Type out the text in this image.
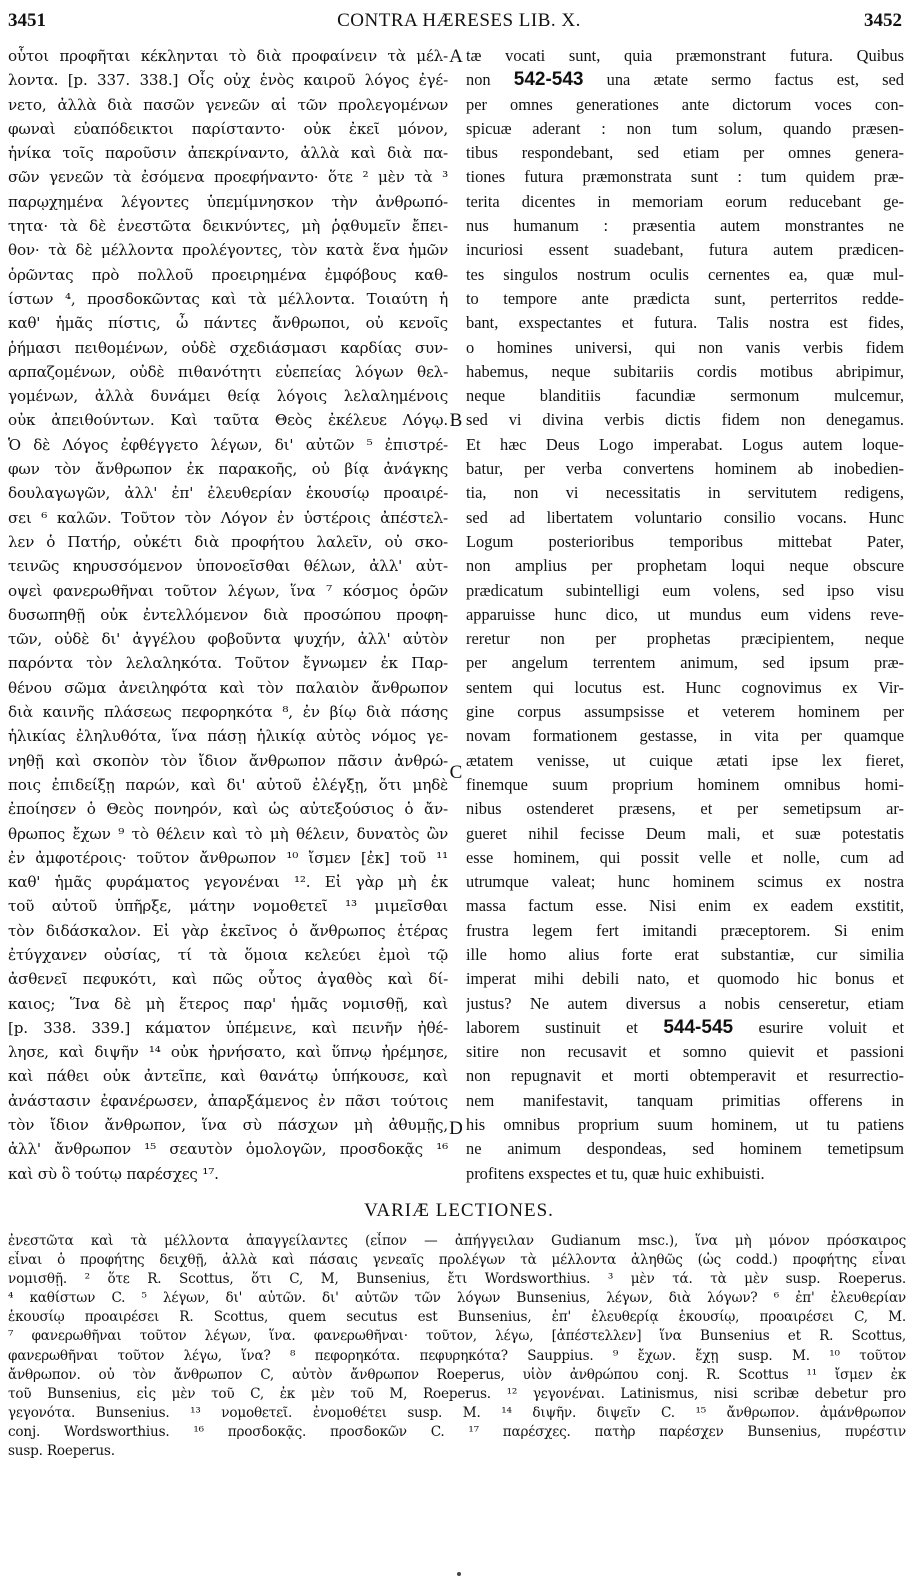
3451	CONTRA HÆRESES LIB. X.	3452
οὗτοι προφῆται κέκληνται τὸ διὰ προφαίνειν τὰ μέλ-
λοντα. [p. 337. 338.] Οἷς οὐχ ἑνὸς καιροῦ λόγος ἐγέ-
νετο, ἀλλὰ διὰ πασῶν γενεῶν αἱ τῶν προλεγομένων
φωναὶ εὐαπόδεικτοι παρίσταντο· οὐκ ἐκεῖ μόνον,
ἡνίκα τοῖς παροῦσιν ἀπεκρίναντο, ἀλλὰ καὶ διὰ πα-
σῶν γενεῶν τὰ ἐσόμενα προεφήναντο· ὅτε ² μὲν τὰ ³
παρῳχημένα λέγοντες ὑπεμίμνησκον τὴν ἀνθρωπό-
τητα· τὰ δὲ ἐνεστῶτα δεικνύντες, μὴ ῥᾳθυμεῖν ἔπει-
θον· τὰ δὲ μέλλοντα προλέγοντες, τὸν κατὰ ἕνα ἡμῶν
ὁρῶντας πρὸ πολλοῦ προειρημένα ἐμφόβους καθ-
ίστων ⁴, προσδοκῶντας καὶ τὰ μέλλοντα. Τοιαύτη ἡ
καθ' ἡμᾶς πίστις, ὦ πάντες ἄνθρωποι, οὐ κενοῖς
ῥήμασι πειθομένων, οὐδὲ σχεδιάσμασι καρδίας συν-
αρπαζομένων, οὐδὲ πιθανότητι εὐεπείας λόγων θελ-
γομένων, ἀλλὰ δυνάμει θείᾳ λόγοις λελαλημένοις
οὐκ ἀπειθούντων. Καὶ ταῦτα Θεὸς ἐκέλευε Λόγῳ.
Ὁ δὲ Λόγος ἐφθέγγετο λέγων, δι' αὐτῶν ⁵ ἐπιστρέ-
φων τὸν ἄνθρωπον ἐκ παρακοῆς, οὐ βίᾳ ἀνάγκης
δουλαγωγῶν, ἀλλ' ἐπ' ἐλευθερίαν ἑκουσίῳ προαιρέ-
σει ⁶ καλῶν. Τοῦτον τὸν Λόγον ἐν ὑστέροις ἀπέστελ-
λεν ὁ Πατήρ, οὐκέτι διὰ προφήτου λαλεῖν, οὐ σκο-
τεινῶς κηρυσσόμενον ὑπονοεῖσθαι θέλων, ἀλλ' αὐτ-
οψεὶ φανερωθῆναι τοῦτον λέγων, ἵνα ⁷ κόσμος ὁρῶν
δυσωπηθῇ οὐκ ἐντελλόμενον διὰ προσώπου προφη-
τῶν, οὐδὲ δι' ἀγγέλου φοβοῦντα ψυχήν, ἀλλ' αὐτὸν
παρόντα τὸν λελαληκότα. Τοῦτον ἔγνωμεν ἐκ Παρ-
θένου σῶμα ἀνειληφότα καὶ τὸν παλαιὸν ἄνθρωπον
διὰ καινῆς πλάσεως πεφορηκότα ⁸, ἐν βίῳ διὰ πάσης
ἡλικίας ἐληλυθότα, ἵνα πάσῃ ἡλικίᾳ αὐτὸς νόμος γε-
νηθῇ καὶ σκοπὸν τὸν ἴδιον ἄνθρωπον πᾶσιν ἀνθρώ-
ποις ἐπιδείξῃ παρών, καὶ δι' αὐτοῦ ἐλέγξῃ, ὅτι μηδὲ
ἐποίησεν ὁ Θεὸς πονηρόν, καὶ ὡς αὐτεξούσιος ὁ ἄν-
θρωπος ἔχων ⁹ τὸ θέλειν καὶ τὸ μὴ θέλειν, δυνατὸς ὢν
ἐν ἀμφοτέροις· τοῦτον ἄνθρωπον ¹⁰ ἴσμεν [ἐκ] τοῦ ¹¹
καθ' ἡμᾶς φυράματος γεγονέναι ¹². Εἰ γὰρ μὴ ἐκ
τοῦ αὐτοῦ ὑπῆρξε, μάτην νομοθετεῖ ¹³ μιμεῖσθαι
τὸν διδάσκαλον. Εἰ γὰρ ἐκεῖνος ὁ ἄνθρωπος ἑτέρας
ἐτύγχανεν οὐσίας, τί τὰ ὅμοια κελεύει ἐμοὶ τῷ
ἀσθενεῖ πεφυκότι, καὶ πῶς οὗτος ἀγαθὸς καὶ δί-
καιος; Ἵνα δὲ μὴ ἕτερος παρ' ἡμᾶς νομισθῇ, καὶ
[p. 338. 339.] κάματον ὑπέμεινε, καὶ πεινῆν ἠθέ-
λησε, καὶ διψῆν ¹⁴ οὐκ ἠρνήσατο, καὶ ὕπνῳ ἠρέμησε,
καὶ πάθει οὐκ ἀντεῖπε, καὶ θανάτῳ ὑπήκουσε, καὶ
ἀνάστασιν ἐφανέρωσεν, ἀπαρξάμενος ἐν πᾶσι τούτοις
τὸν ἴδιον ἄνθρωπον, ἵνα σὺ πάσχων μὴ ἀθυμῇς,
ἀλλ' ἄνθρωπον ¹⁵ σεαυτὸν ὁμολογῶν, προσδοκᾷς ¹⁶
καὶ σὺ ὃ τούτῳ παρέσχες ¹⁷.
tæ vocati sunt, quia præmonstrant futura. Quibus
non 542-543 una ætate sermo factus est, sed
per omnes generationes ante dictorum voces con-
spicuæ aderant : non tum solum, quando præsen-
tibus respondebant, sed etiam per omnes genera-
tiones futura præmonstrata sunt : tum quidem præ-
terita dicentes in memoriam eorum reducebant ge-
nus humanum : præsentia autem monstrantes ne
incuriosi essent suadebant, futura autem prædicen-
tes singulos nostrum oculis cernentes ea, quæ mul-
to tempore ante prædicta sunt, perterritos redde-
bant, exspectantes et futura. Talis nostra est fides,
o homines universi, qui non vanis verbis fidem
habemus, neque subitariis cordis motibus abripimur,
neque blanditiis facundiæ sermonum mulcemur,
sed vi divina verbis dictis fidem non denegamus.
Et hæc Deus Logo imperabat. Logus autem loque-
batur, per verba convertens hominem ab inobedien-
tia, non vi necessitatis in servitutem redigens,
sed ad libertatem voluntario consilio vocans. Hunc
Logum posterioribus temporibus mittebat Pater,
non amplius per prophetam loqui neque obscure
prædicatum subintelligi eum volens, sed ipso visu
apparuisse hunc dico, ut mundus eum videns reve-
reretur non per prophetas præcipientem, neque
per angelum terrentem animum, sed ipsum præ-
sentem qui locutus est. Hunc cognovimus ex Vir-
gine corpus assumpsisse et veterem hominem per
novam formationem gestasse, in vita per quamque
ætatem venisse, ut cuique ætati ipse lex fieret,
finemque suum proprium hominem omnibus homi-
nibus ostenderet præsens, et per semetipsum ar-
gueret nihil fecisse Deum mali, et suæ potestatis
esse hominem, qui possit velle et nolle, cum ad
utrumque valeat; hunc hominem scimus ex nostra
massa factum esse. Nisi enim ex eadem exstitit,
frustra legem fert imitandi præceptorem. Si enim
ille homo alius forte erat substantiæ, cur similia
imperat mihi debili nato, et quomodo hic bonus et
justus? Ne autem diversus a nobis censeretur, etiam
laborem sustinuit et 544-545 esurire voluit et
sitire non recusavit et somno quievit et passioni
non repugnavit et morti obtemperavit et resurrectio-
nem manifestavit, tanquam primitias offerens in
his omnibus proprium suum hominem, ut tu patiens
ne animum despondeas, sed hominem temetipsum
profitens exspectes et tu, quæ huic exhibuisti.
A
B
C
D
VARIÆ LECTIONES.
ἐνεστῶτα καὶ τὰ μέλλοντα ἀπαγγείλαντες (εἶπον — ἀπήγγειλαν Gudianum msc.), ἵνα μὴ μόνον πρόσκαιρος
εἶναι ὁ προφήτης δειχθῇ, ἀλλὰ καὶ πάσαις γενεαῖς προλέγων τὰ μέλλοντα ἀληθῶς (ὡς codd.) προφήτης εἶναι
νομισθῇ. ² ὅτε R. Scottus, ὅτι C, M, Bunsenius, ἔτι Wordsworthius. ³ μὲν τά. τὰ μὲν susp. Roeperus.
⁴ καθίστων C. ⁵ λέγων, δι' αὐτῶν. δι' αὐτῶν τῶν λόγων Bunsenius, λέγων, διὰ λόγων? ⁶ ἐπ' ἐλευθερίαν
ἑκουσίῳ προαιρέσει R. Scottus, quem secutus est Bunsenius, ἐπ' ἐλευθερίᾳ ἑκουσίῳ, προαιρέσει C, M.
⁷ φανερωθῆναι τοῦτον λέγων, ἵνα. φανερωθῆναι· τοῦτον, λέγω, [ἀπέστελλεν] ἵνα Bunsenius et R. Scottus,
φανερωθῆναι τοῦτον λέγω, ἵνα? ⁸ πεφορηκότα. πεφυρηκότα? Sauppius. ⁹ ἔχων. ἔχῃ susp. M. ¹⁰ τοῦτον
ἄνθρωπον. οὐ τὸν ἄνθρωπον C, αὐτὸν ἄνθρωπον Roeperus, υἱὸν ἀνθρώπου conj. R. Scottus ¹¹ ἴσμεν ἐκ
τοῦ Bunsenius, εἰς μὲν τοῦ C, ἐκ μὲν τοῦ M, Roeperus. ¹² γεγονέναι. Latinismus, nisi scribæ debetur pro
γεγονότα. Bunsenius. ¹³ νομοθετεῖ. ἐνομοθέτει susp. M. ¹⁴ διψῆν. διψεῖν C. ¹⁵ ἄνθρωπον. ἀμάνθρωπον
conj. Wordsworthius. ¹⁶ προσδοκᾷς. προσδοκῶν C. ¹⁷ παρέσχες. πατὴρ παρέσχεν Bunsenius, πυρέστιν
susp. Roeperus.
